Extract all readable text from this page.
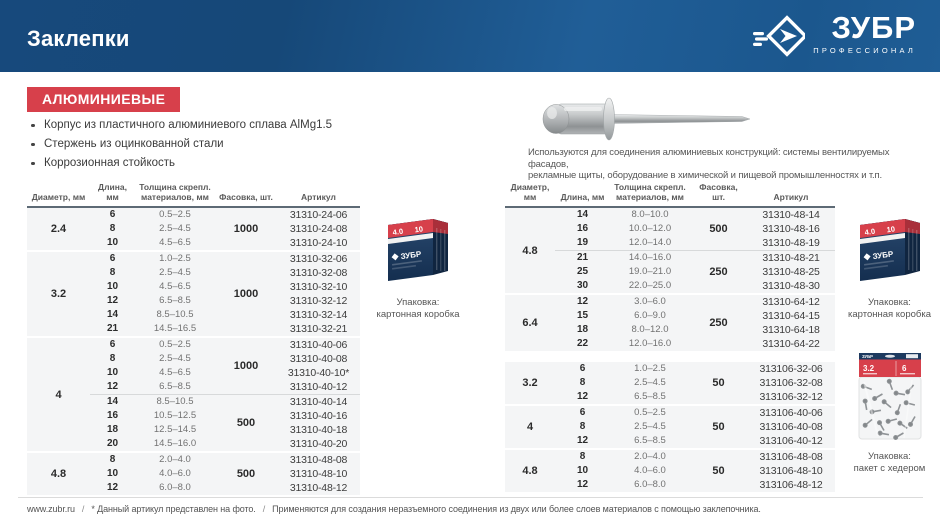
Заклепки	ЗУБР
ПРОФЕССИОНАЛ
АЛЮМИНИЕВЫЕ
Корпус из пластичного алюминиевого сплава AlMg1.5
Стержень из оцинкованной стали
Коррозионная стойкость
Используются для соединения алюминиевых конструкций: системы вентилируемых фасадов,
рекламные щиты, оборудование в химической и пищевой промышленностях и т.п.
Диаметр, мм	Длина, мм	Толщина скрепл. материалов, мм	Фасовка, шт.	Артикул
2.4	6	0.5–2.5	1000	31310-24-06
	8	2.5–4.5		31310-24-08
	10	4.5–6.5		31310-24-10
3.2	6	1.0–2.5	1000	31310-32-06
	8	2.5–4.5		31310-32-08
	10	4.5–6.5		31310-32-10
	12	6.5–8.5		31310-32-12
	14	8.5–10.5		31310-32-14
	21	14.5–16.5		31310-32-21
4	6	0.5–2.5	1000	31310-40-06
	8	2.5–4.5		31310-40-08
	10	4.5–6.5		31310-40-10*
	12	6.5–8.5		31310-40-12
	14	8.5–10.5	500	31310-40-14
	16	10.5–12.5		31310-40-16
	18	12.5–14.5		31310-40-18
	20	14.5–16.0		31310-40-20
4.8	8	2.0–4.0	500	31310-48-08
	10	4.0–6.0		31310-48-10
	12	6.0–8.0		31310-48-12
Диаметр, мм	Длина, мм	Толщина скрепл. материалов, мм	Фасовка, шт.	Артикул
4.8	14	8.0–10.0	500	31310-48-14
	16	10.0–12.0		31310-48-16
	19	12.0–14.0		31310-48-19
	21	14.0–16.0	250	31310-48-21
	25	19.0–21.0		31310-48-25
	30	22.0–25.0		31310-48-30
6.4	12	3.0–6.0	250	31310-64-12
	15	6.0–9.0		31310-64-15
	18	8.0–12.0		31310-64-18
	22	12.0–16.0		31310-64-22
3.2	6	1.0–2.5	50	313106-32-06
	8	2.5–4.5		313106-32-08
	12	6.5–8.5		313106-32-12
4	6	0.5–2.5	50	313106-40-06
	8	2.5–4.5		313106-40-08
	12	6.5–8.5		313106-40-12
4.8	8	2.0–4.0	50	313106-48-08
	10	4.0–6.0		313106-48-10
	12	6.0–8.0		313106-48-12
4.0 10
ЗУБР
Упаковка:
картонная коробка
4.0 10
ЗУБР
Упаковка:
картонная коробка
ЗУБР
3.2	6
Упаковка:
пакет с хедером
www.zubr.ru / * Данный артикул представлен на фото. / Применяются для создания неразъемного соединения из двух или более слоев материалов с помощью заклепочника.
